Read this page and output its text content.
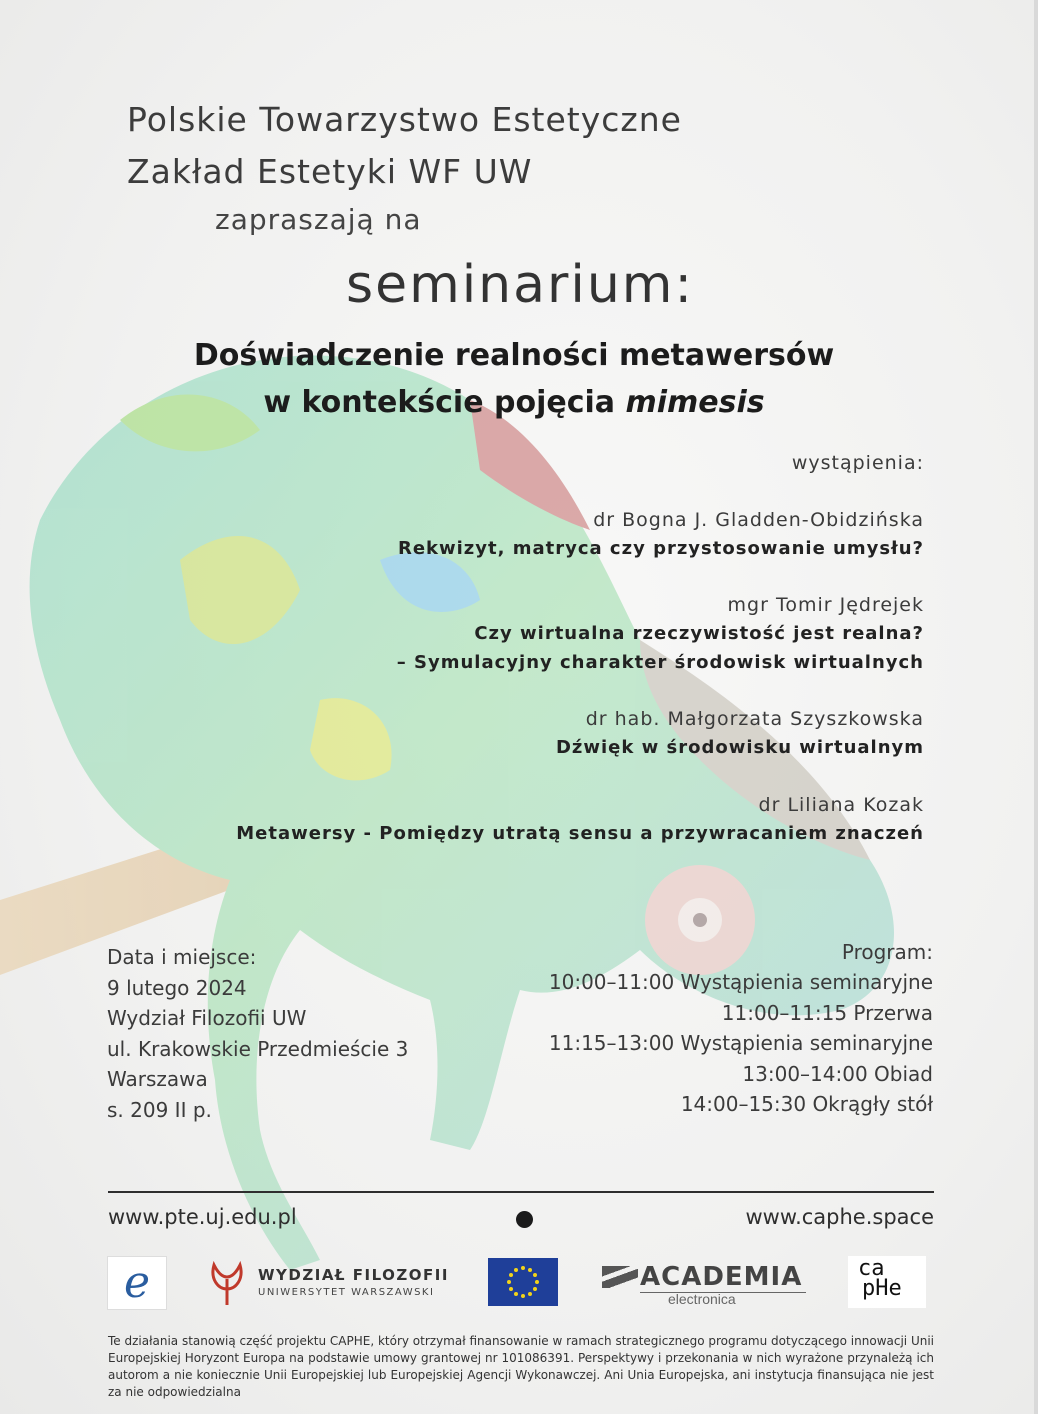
Polskie Towarzystwo Estetyczne
Zakład Estetyki WF UW
zapraszają na
seminarium:
Doświadczenie realności metawersów
w kontekście pojęcia mimesis
wystąpienia:
dr Bogna J. Gladden-Obidzińska
Rekwizyt, matryca czy przystosowanie umysłu?
mgr Tomir Jędrejek
Czy wirtualna rzeczywistość jest realna?
– Symulacyjny charakter środowisk wirtualnych
dr hab. Małgorzata Szyszkowska
Dźwięk w środowisku wirtualnym
dr Liliana Kozak
Metawersy - Pomiędzy utratą sensu a przywracaniem znaczeń
Data i miejsce:
9 lutego 2024
Wydział Filozofii UW
ul. Krakowskie Przedmieście 3
Warszawa
s. 209 II p.
Program:
10:00–11:00 Wystąpienia seminaryjne
11:00–11:15 Przerwa
11:15–13:00 Wystąpienia seminaryjne
13:00–14:00 Obiad
14:00–15:30 Okrągły stół
www.pte.uj.edu.pl	www.caphe.space
e	WYDZIAŁ FILOZOFII
UNIWERSYTET WARSZAWSKI
ACADEMIA
electronica
ca
pHe
Te działania stanowią część projektu CAPHE, który otrzymał finansowanie w ramach strategicznego programu dotyczącego innowacji Unii Europejskiej Horyzont Europa na podstawie umowy grantowej nr 101086391. Perspektywy i przekonania w nich wyrażone przynależą ich autorom a nie koniecznie Unii Europejskiej lub Europejskiej Agencji Wykonawczej. Ani Unia Europejska, ani instytucja finansująca nie jest za nie odpowiedzialna
